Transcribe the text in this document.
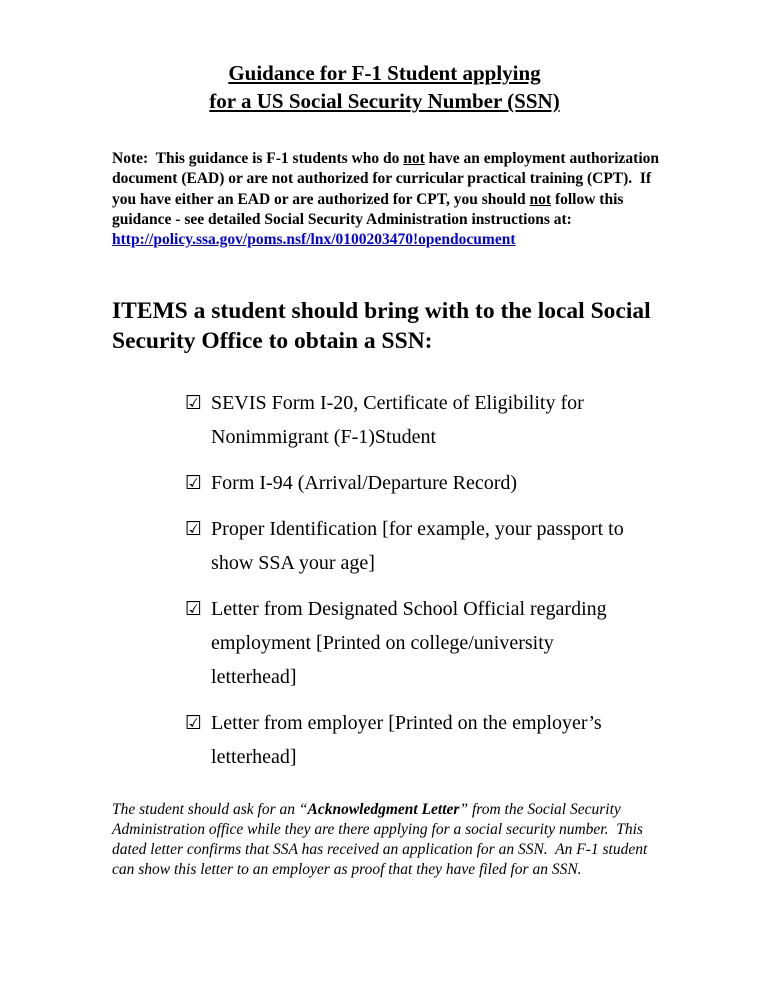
Guidance for F-1 Student applying
for a US Social Security Number (SSN)

Note:  This guidance is F-1 students who do not have an employment authorization document (EAD) or are not authorized for curricular practical training (CPT).  If you have either an EAD or are authorized for CPT, you should not follow this guidance - see detailed Social Security Administration instructions at:

http://policy.ssa.gov/poms.nsf/lnx/0100203470!opendocument
ITEMS a student should bring with to the local Social Security Office to obtain a SSN:
☑ SEVIS Form I-20, Certificate of Eligibility for Nonimmigrant (F-1)Student
☑ Form I-94 (Arrival/Departure Record)
☑ Proper Identification [for example, your passport to show SSA your age]
☑ Letter from Designated School Official regarding employment [Printed on college/university letterhead]
☑ Letter from employer [Printed on the employer’s letterhead]

The student should ask for an “Acknowledgment Letter” from the Social Security Administration office while they are there applying for a social security number.  This dated letter confirms that SSA has received an application for an SSN.  An F-1 student can show this letter to an employer as proof that they have filed for an SSN.
